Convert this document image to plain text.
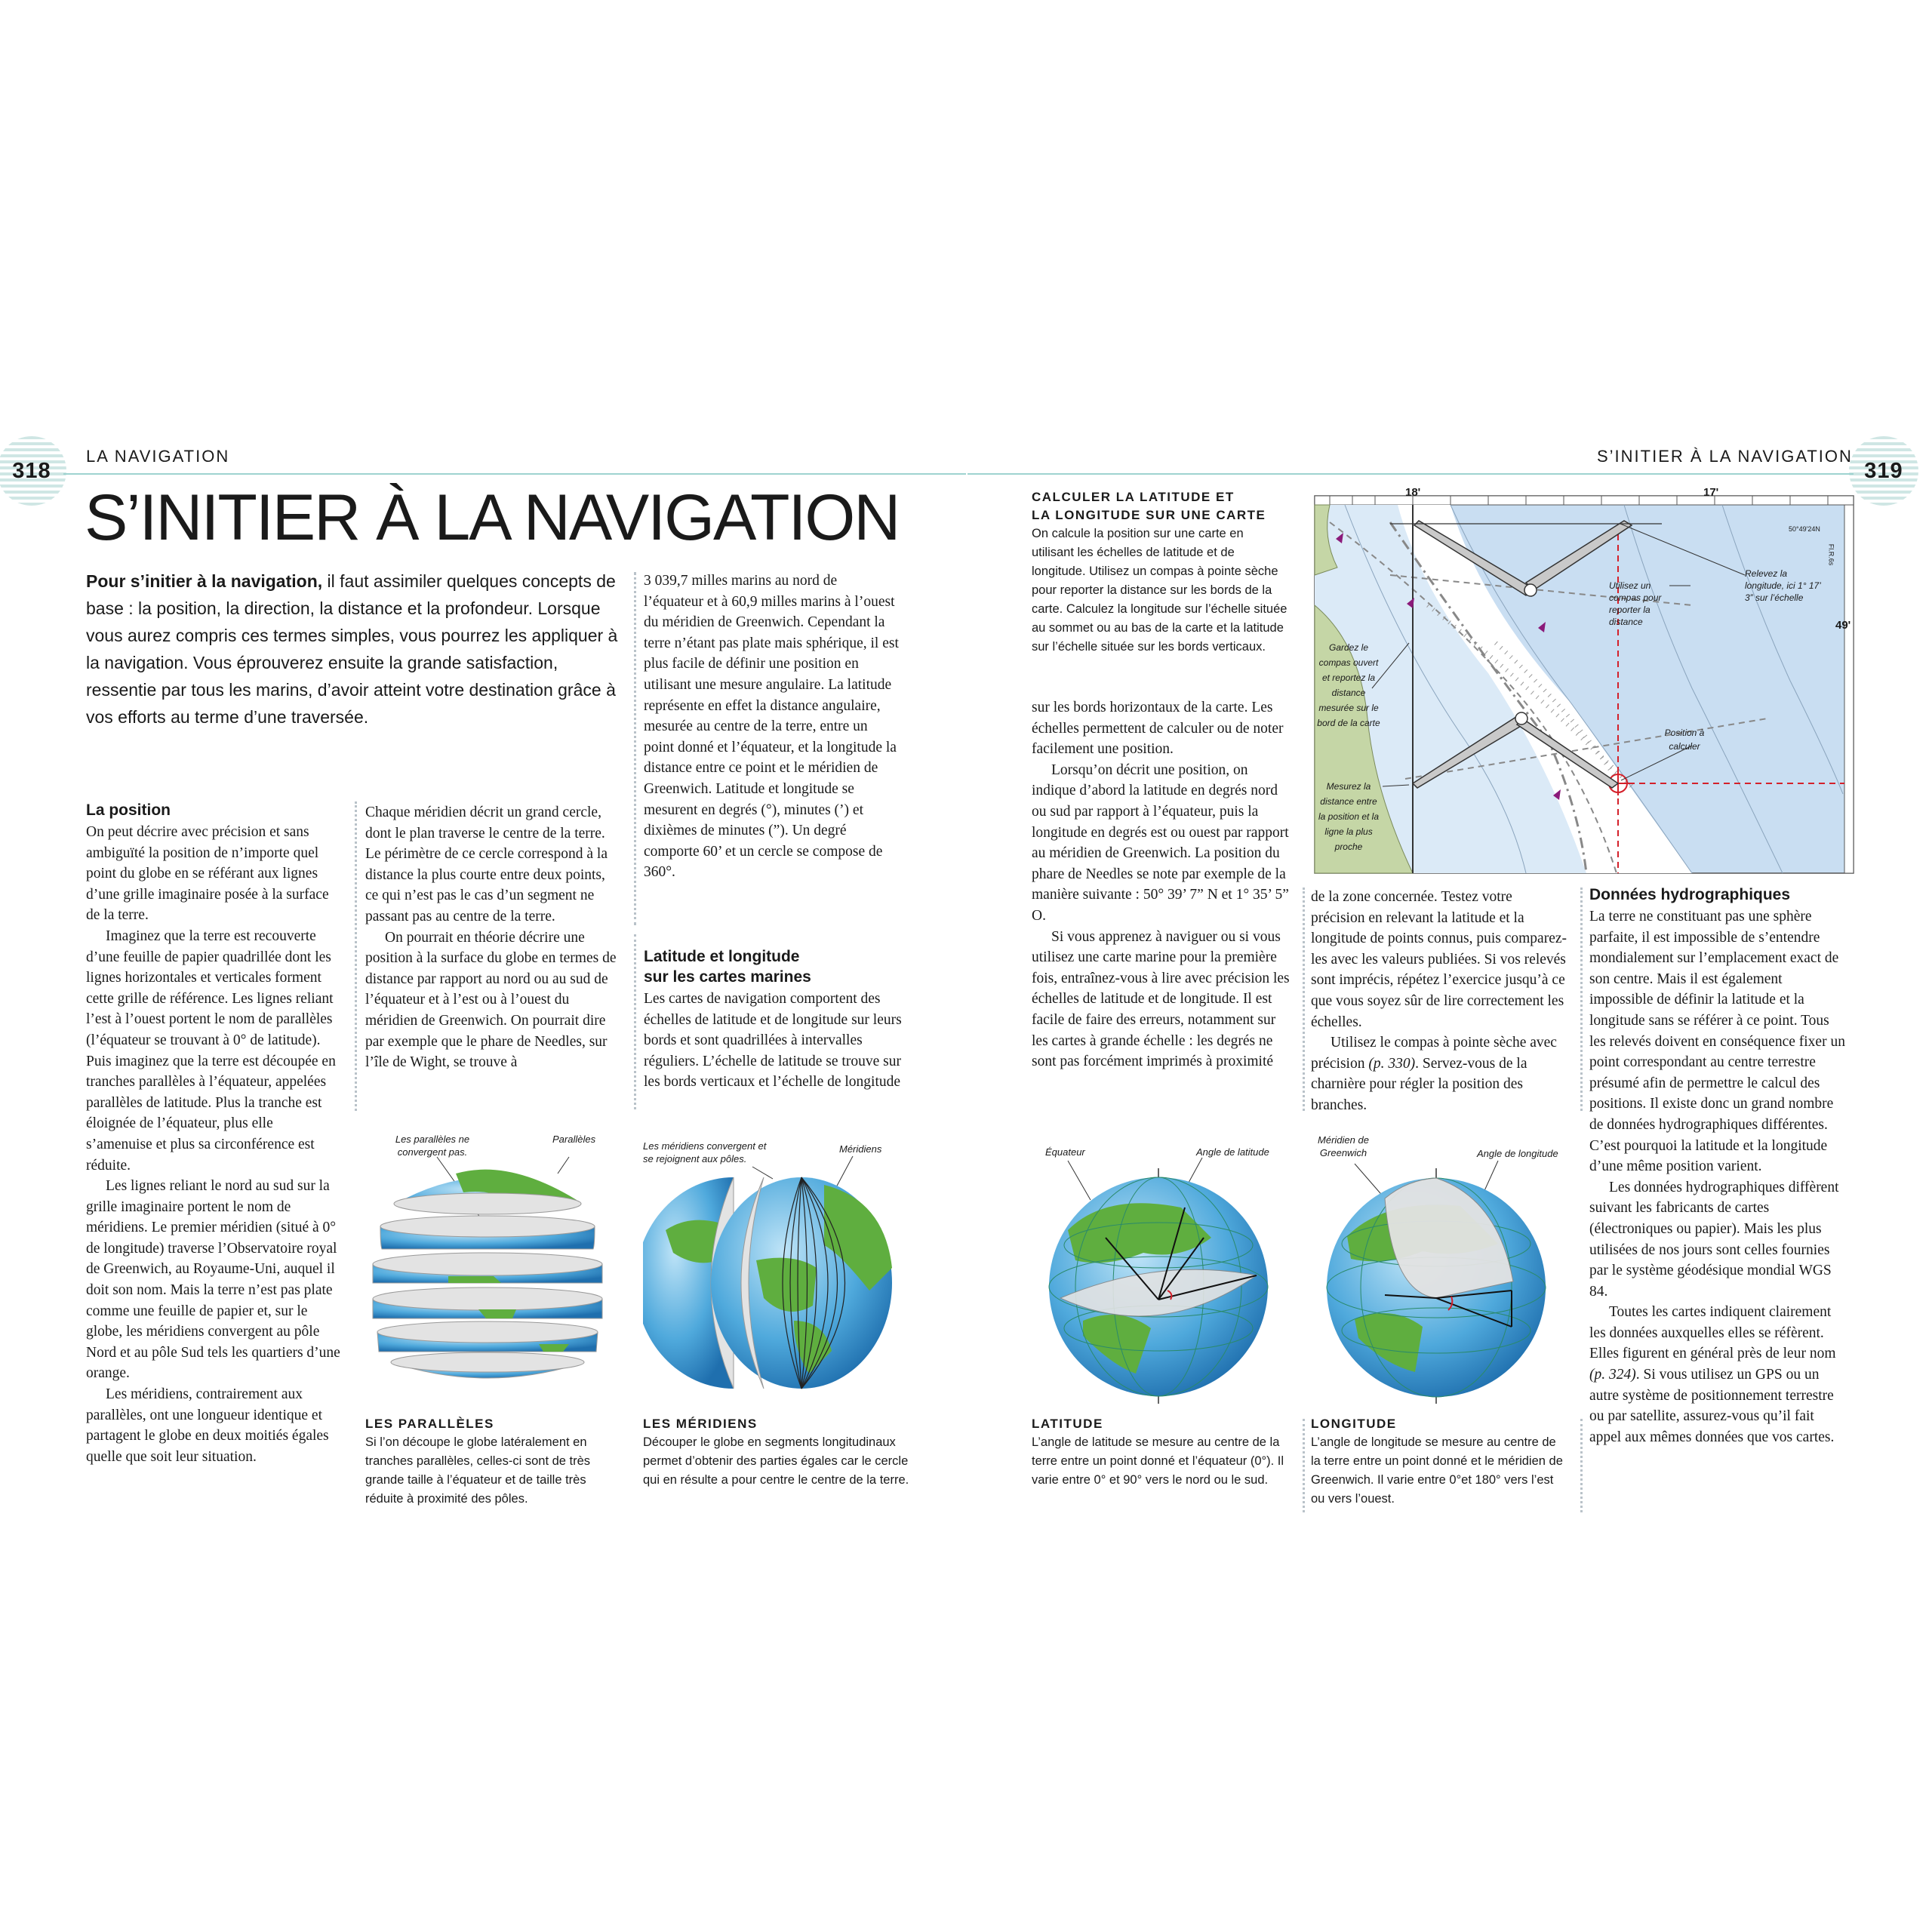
318	319
LA NAVIGATION	S’INITIER À LA NAVIGATION
S’INITIER À LA NAVIGATION
Pour s’initier à la navigation, il faut assimiler quelques concepts de base : la position, la direction, la distance et la profondeur. Lorsque vous aurez compris ces termes simples, vous pourrez les appliquer à la navigation. Vous éprouverez ensuite la grande satisfaction, ressentie par tous les marins, d’avoir atteint votre destination grâce à vos efforts au terme d’une traversée.

3 039,7 milles marins au nord de l’équateur et à 60,9 milles marins à l’ouest du méridien de Greenwich. Cependant la terre n’étant pas plate mais sphérique, il est plus facile de définir une position en utilisant une mesure angulaire. La latitude représente en effet la distance angulaire, mesurée au centre de la terre, entre un point donné et l’équateur, et la longitude la distance entre ce point et le méridien de Greenwich. Latitude et longitude se mesurent en degrés (°), minutes (’) et dixièmes de minutes (”). Un degré comporte 60’ et un cercle se compose de 360°.

La position

On peut décrire avec précision et sans ambiguïté la position de n’importe quel point du globe en se référant aux lignes d’une grille imaginaire posée à la surface de la terre.

Imaginez que la terre est recouverte d’une feuille de papier quadrillée dont les lignes horizontales et verticales forment cette grille de référence. Les lignes reliant l’est à l’ouest portent le nom de parallèles (l’équateur se trouvant à 0° de latitude). Puis imaginez que la terre est découpée en tranches parallèles à l’équateur, appelées parallèles de latitude. Plus la tranche est éloignée de l’équateur, plus elle s’amenuise et plus sa circonférence est réduite.

Les lignes reliant le nord au sud sur la grille imaginaire portent le nom de méridiens. Le premier méridien (situé à 0° de longitude) traverse l’Observatoire royal de Greenwich, au Royaume-Uni, auquel il doit son nom. Mais la terre n’est pas plate comme une feuille de papier et, sur le globe, les méridiens convergent au pôle Nord et au pôle Sud tels les quartiers d’une orange.

Les méridiens, contrairement aux parallèles, ont une longueur identique et partagent le globe en deux moitiés égales quelle que soit leur situation.

Chaque méridien décrit un grand cercle, dont le plan traverse le centre de la terre. Le périmètre de ce cercle correspond à la distance la plus courte entre deux points, ce qui n’est pas le cas d’un segment ne passant pas au centre de la terre.

On pourrait en théorie décrire une position à la surface du globe en termes de distance par rapport au nord ou au sud de l’équateur et à l’est ou à l’ouest du méridien de Greenwich. On pourrait dire par exemple que le phare de Needles, sur l’île de Wight, se trouve à

Latitude et longitude

sur les cartes marines

Les cartes de navigation comportent des échelles de latitude et de longitude sur leurs bords et sont quadrillées à intervalles réguliers. L’échelle de latitude se trouve sur les bords verticaux et l’échelle de longitude

Les parallèles ne convergent pas.
Parallèles

LES PARALLÈLES

Si l’on découpe le globe latéralement en tranches parallèles, celles-ci sont de très grande taille à l’équateur et de taille très réduite à proximité des pôles.

Les méridiens convergent et se rejoignent aux pôles.
Méridiens

LES MÉRIDIENS

Découper le globe en segments longitudinaux permet d’obtenir des parties égales car le cercle qui en résulte a pour centre le centre de la terre.

CALCULER LA LATITUDE ET

LA LONGITUDE SUR UNE CARTE

On calcule la position sur une carte en utilisant les échelles de latitude et de longitude. Utilisez un compas à pointe sèche pour reporter la distance sur les bords de la carte. Calculez la longitude sur l’échelle située au sommet ou au bas de la carte et la latitude sur l’échelle située sur les bords verticaux.

18'	17'
49'
50°49'24N
Fl.R.6s
Relevez la longitude, ici 1° 17’ 3” sur l’échelle
Utilisez un compas pour reporter la distance
Gardez le compas ouvert et reportez la distance mesurée sur le bord de la carte
Position à calculer
Mesurez la distance entre la position et la ligne la plus proche

sur les bords horizontaux de la carte. Les échelles permettent de calculer ou de noter facilement une position.

Lorsqu’on décrit une position, on indique d’abord la latitude en degrés nord ou sud par rapport à l’équateur, puis la longitude en degrés est ou ouest par rapport au méridien de Greenwich. La position du phare de Needles se note par exemple de la manière suivante : 50° 39’ 7” N et 1° 35’ 5” O.

Si vous apprenez à naviguer ou si vous utilisez une carte marine pour la première fois, entraînez-vous à lire avec précision les échelles de latitude et de longitude. Il est facile de faire des erreurs, notamment sur les cartes à grande échelle : les degrés ne sont pas forcément imprimés à proximité

de la zone concernée. Testez votre précision en relevant la latitude et la longitude de points connus, puis comparez-les avec les valeurs publiées. Si vos relevés sont imprécis, répétez l’exercice jusqu’à ce que vous soyez sûr de lire correctement les échelles.

Utilisez le compas à pointe sèche avec précision (p. 330). Servez-vous de la charnière pour régler la position des branches.

Données hydrographiques

La terre ne constituant pas une sphère parfaite, il est impossible de s’entendre mondialement sur l’emplacement exact de son centre. Mais il est également impossible de définir la latitude et la longitude sans se référer à ce point. Tous les relevés doivent en conséquence fixer un point correspondant au centre terrestre présumé afin de permettre le calcul des positions. Il existe donc un grand nombre de données hydrographiques différentes. C’est pourquoi la latitude et la longitude d’une même position varient.

Les données hydrographiques diffèrent suivant les fabricants de cartes (électroniques ou papier). Mais les plus utilisées de nos jours sont celles fournies par le système géodésique mondial WGS 84.

Toutes les cartes indiquent clairement les données auxquelles elles se réfèrent. Elles figurent en général près de leur nom (p. 324). Si vous utilisez un GPS ou un autre système de positionnement terrestre ou par satellite, assurez-vous qu’il fait appel aux mêmes données que vos cartes.

Équateur	Angle de latitude

LATITUDE

L’angle de latitude se mesure au centre de la terre entre un point donné et l’équateur (0°). Il varie entre 0° et 90° vers le nord ou le sud.

Méridien de Greenwich	Angle de longitude

LONGITUDE

L’angle de longitude se mesure au centre de la terre entre un point donné et le méridien de Greenwich. Il varie entre 0°et 180° vers l’est ou vers l’ouest.
